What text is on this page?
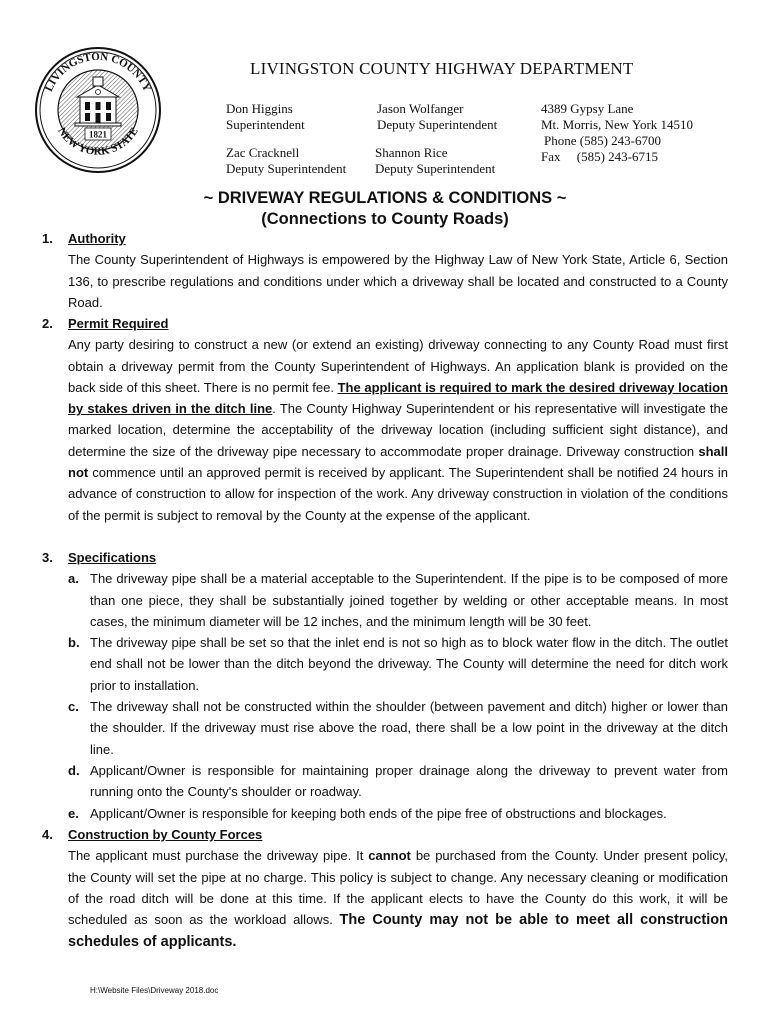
LIVINGSTON COUNTY
NEW YORK STATE
1821
LIVINGSTON COUNTY HIGHWAY DEPARTMENT
Don Higgins
Superintendent
Jason Wolfanger
Deputy Superintendent
Zac Cracknell
Deputy Superintendent
Shannon Rice
Deputy Superintendent
4389 Gypsy Lane
Mt. Morris, New York 14510
Phone (585) 243-6700
Fax     (585) 243-6715
~ DRIVEWAY REGULATIONS & CONDITIONS ~
(Connections to County Roads)
1. Authority
The County Superintendent of Highways is empowered by the Highway Law of New York State, Article 6, Section 136, to prescribe regulations and conditions under which a driveway shall be located and constructed to a County Road.
2. Permit Required
Any party desiring to construct a new (or extend an existing) driveway connecting to any County Road must first obtain a driveway permit from the County Superintendent of Highways. An application blank is provided on the back side of this sheet. There is no permit fee. The applicant is required to mark the desired driveway location by stakes driven in the ditch line. The County Highway Superintendent or his representative will investigate the marked location, determine the acceptability of the driveway location (including sufficient sight distance), and determine the size of the driveway pipe necessary to accommodate proper drainage. Driveway construction shall not commence until an approved permit is received by applicant. The Superintendent shall be notified 24 hours in advance of construction to allow for inspection of the work. Any driveway construction in violation of the conditions of the permit is subject to removal by the County at the expense of the applicant.
3. Specifications
a. The driveway pipe shall be a material acceptable to the Superintendent. If the pipe is to be composed of more than one piece, they shall be substantially joined together by welding or other acceptable means. In most cases, the minimum diameter will be 12 inches, and the minimum length will be 30 feet.
b. The driveway pipe shall be set so that the inlet end is not so high as to block water flow in the ditch. The outlet end shall not be lower than the ditch beyond the driveway. The County will determine the need for ditch work prior to installation.
c. The driveway shall not be constructed within the shoulder (between pavement and ditch) higher or lower than the shoulder. If the driveway must rise above the road, there shall be a low point in the driveway at the ditch line.
d. Applicant/Owner is responsible for maintaining proper drainage along the driveway to prevent water from running onto the County's shoulder or roadway.
e. Applicant/Owner is responsible for keeping both ends of the pipe free of obstructions and blockages.
4. Construction by County Forces
The applicant must purchase the driveway pipe. It cannot be purchased from the County. Under present policy, the County will set the pipe at no charge. This policy is subject to change. Any necessary cleaning or modification of the road ditch will be done at this time. If the applicant elects to have the County do this work, it will be scheduled as soon as the workload allows. The County may not be able to meet all construction schedules of applicants.
H:\Website Files\Driveway 2018.doc
